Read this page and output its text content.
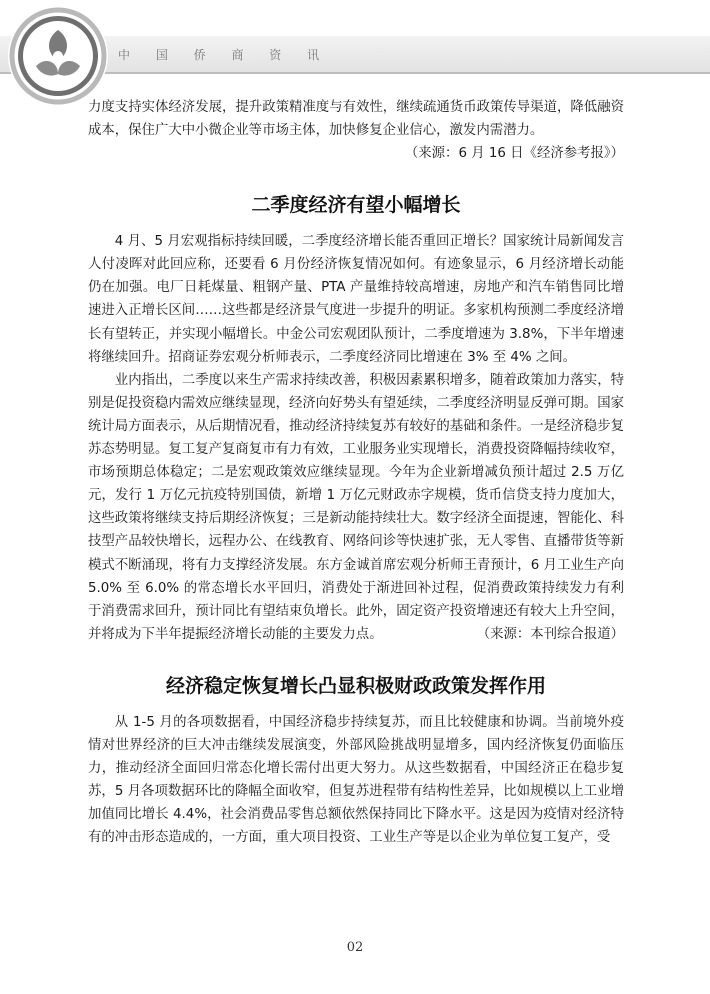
中 国 侨 商 资 讯

力度支持实体经济发展，提升政策精准度与有效性，继续疏通货币政策传导渠道，降低融资成本，保住广大中小微企业等市场主体，加快修复企业信心，激发内需潜力。

（来源：6 月 16 日《经济参考报》）

二季度经济有望小幅增长

4 月、5 月宏观指标持续回暖，二季度经济增长能否重回正增长？国家统计局新闻发言人付凌晖对此回应称，还要看 6 月份经济恢复情况如何。有迹象显示，6 月经济增长动能仍在加强。电厂日耗煤量、粗钢产量、PTA 产量维持较高增速，房地产和汽车销售同比增速进入正增长区间……这些都是经济景气度进一步提升的明证。多家机构预测二季度经济增长有望转正，并实现小幅增长。中金公司宏观团队预计，二季度增速为 3.8%，下半年增速将继续回升。招商证券宏观分析师表示，二季度经济同比增速在 3% 至 4% 之间。

业内指出，二季度以来生产需求持续改善，积极因素累积增多，随着政策加力落实，特别是促投资稳内需效应继续显现，经济向好势头有望延续，二季度经济明显反弹可期。国家统计局方面表示，从后期情况看，推动经济持续复苏有较好的基础和条件。一是经济稳步复苏态势明显。复工复产复商复市有力有效，工业服务业实现增长，消费投资降幅持续收窄，市场预期总体稳定；二是宏观政策效应继续显现。今年为企业新增减负预计超过 2.5 万亿元，发行 1 万亿元抗疫特别国债，新增 1 万亿元财政赤字规模，货币信贷支持力度加大，这些政策将继续支持后期经济恢复；三是新动能持续壮大。数字经济全面提速，智能化、科技型产品较快增长，远程办公、在线教育、网络问诊等快速扩张，无人零售、直播带货等新模式不断涌现，将有力支撑经济发展。东方金诚首席宏观分析师王青预计，6 月工业生产向 5.0% 至 6.0% 的常态增长水平回归，消费处于渐进回补过程，促消费政策持续发力有利于消费需求回升，预计同比有望结束负增长。此外，固定资产投资增速还有较大上升空间，并将成为下半年提振经济增长动能的主要发力点。	（来源：本刊综合报道）

经济稳定恢复增长凸显积极财政政策发挥作用

从 1-5 月的各项数据看，中国经济稳步持续复苏，而且比较健康和协调。当前境外疫情对世界经济的巨大冲击继续发展演变，外部风险挑战明显增多，国内经济恢复仍面临压力，推动经济全面回归常态化增长需付出更大努力。从这些数据看，中国经济正在稳步复苏，5 月各项数据环比的降幅全面收窄，但复苏进程带有结构性差异，比如规模以上工业增加值同比增长 4.4%，社会消费品零售总额依然保持同比下降水平。这是因为疫情对经济特有的冲击形态造成的，一方面，重大项目投资、工业生产等是以企业为单位复工复产，受

02
